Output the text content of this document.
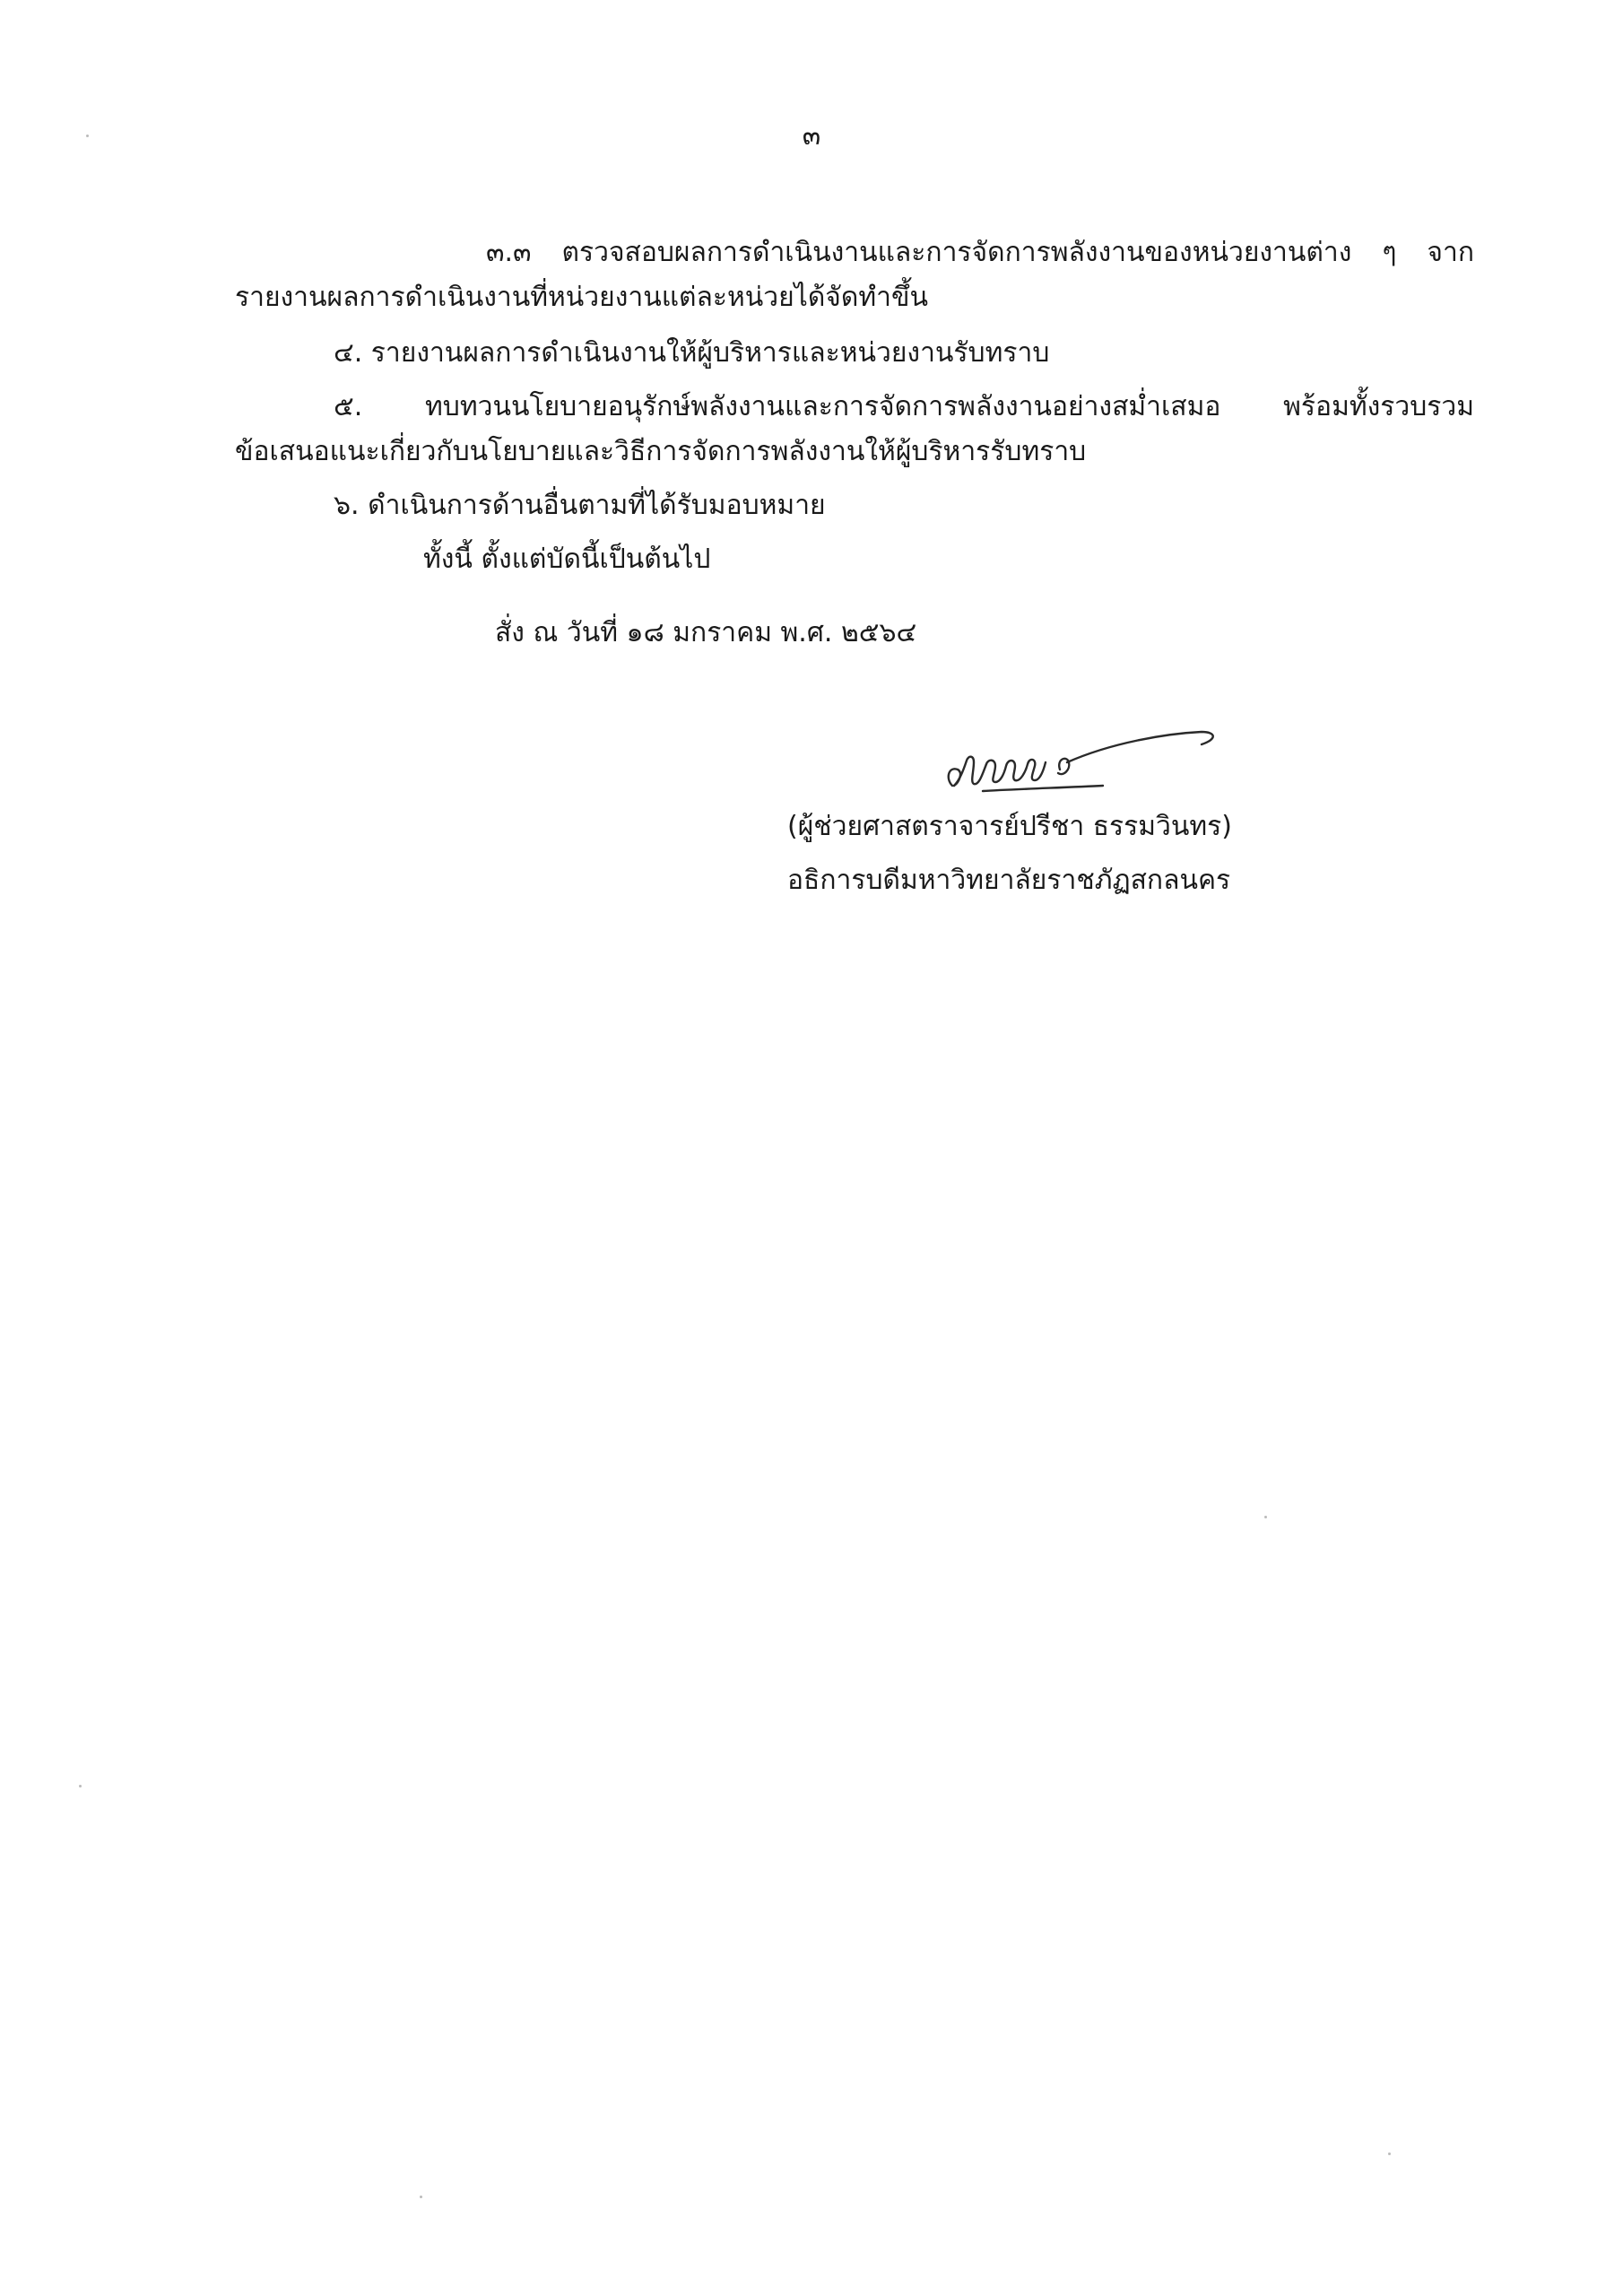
๓
๓.๓ ตรวจสอบผลการดำเนินงานและการจัดการพลังงานของหน่วยงานต่าง ๆ จาก
รายงานผลการดำเนินงานที่หน่วยงานแต่ละหน่วยได้จัดทำขึ้น
๔. รายงานผลการดำเนินงานให้ผู้บริหารและหน่วยงานรับทราบ
๕. ทบทวนนโยบายอนุรักษ์พลังงานและการจัดการพลังงานอย่างสม่ำเสมอ พร้อมทั้งรวบรวม
ข้อเสนอแนะเกี่ยวกับนโยบายและวิธีการจัดการพลังงานให้ผู้บริหารรับทราบ
๖. ดำเนินการด้านอื่นตามที่ได้รับมอบหมาย
ทั้งนี้ ตั้งแต่บัดนี้เป็นต้นไป
สั่ง ณ วันที่ ๑๘ มกราคม พ.ศ. ๒๕๖๔
(ผู้ช่วยศาสตราจารย์ปรีชา ธรรมวินทร)
อธิการบดีมหาวิทยาลัยราชภัฏสกลนคร
